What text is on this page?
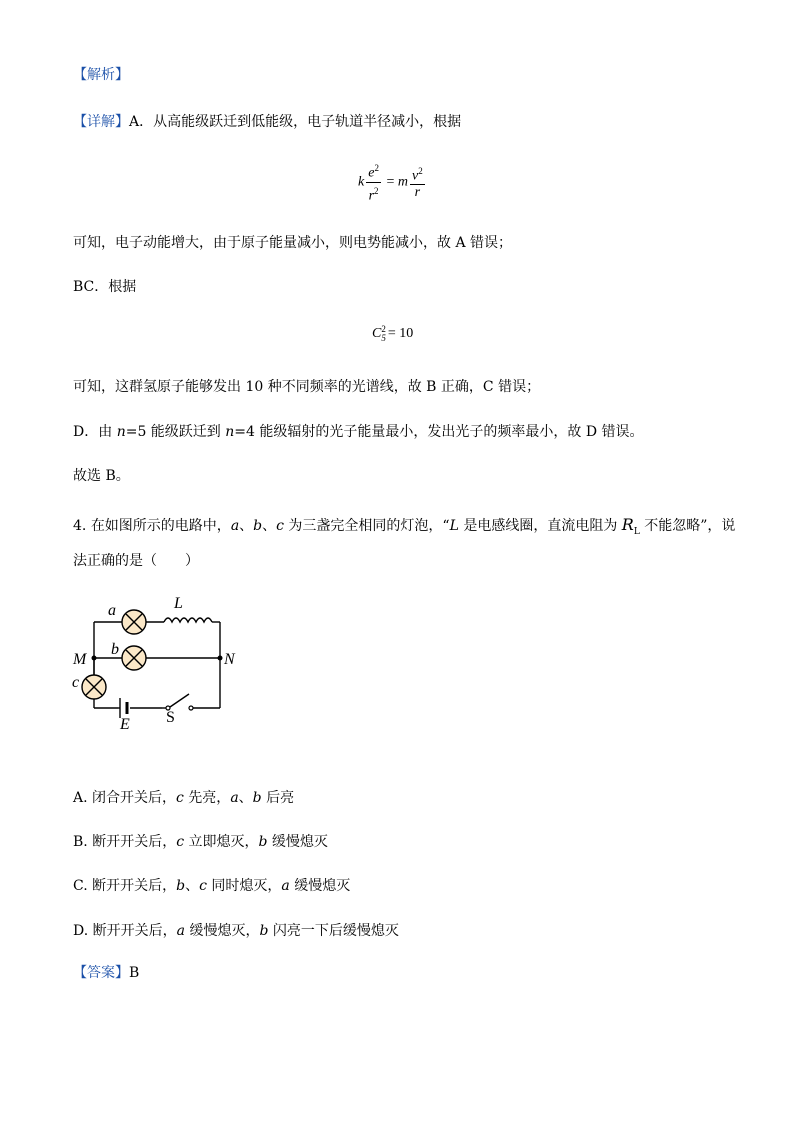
【解析】
【详解】A．从高能级跃迁到低能级，电子轨道半径减小，根据
k $\frac{e^2}{r^2} = m \frac{v^2}{r}$
可知，电子动能增大，由于原子能量减小，则电势能减小，故 A 错误；
BC．根据
C 2
5 = 10
可知，这群氢原子能够发出 10 种不同频率的光谱线，故 B 正确，C 错误；
D．由 n=5 能级跃迁到 n=4 能级辐射的光子能量最小，发出光子的频率最小，故 D 错误。
故选 B。
4. 在如图所示的电路中，a、b、c 为三盏完全相同的灯泡，“L 是电感线圈，直流电阻为 $R_L$ 不能忽略”，说
法正确的是（　　）
a
b
c
L
M	N
E S
A. 闭合开关后，c 先亮，a、b 后亮
B. 断开开关后，c 立即熄灭，b 缓慢熄灭
C. 断开开关后，b、c 同时熄灭，a 缓慢熄灭
D. 断开开关后，a 缓慢熄灭，b 闪亮一下后缓慢熄灭
【答案】B
